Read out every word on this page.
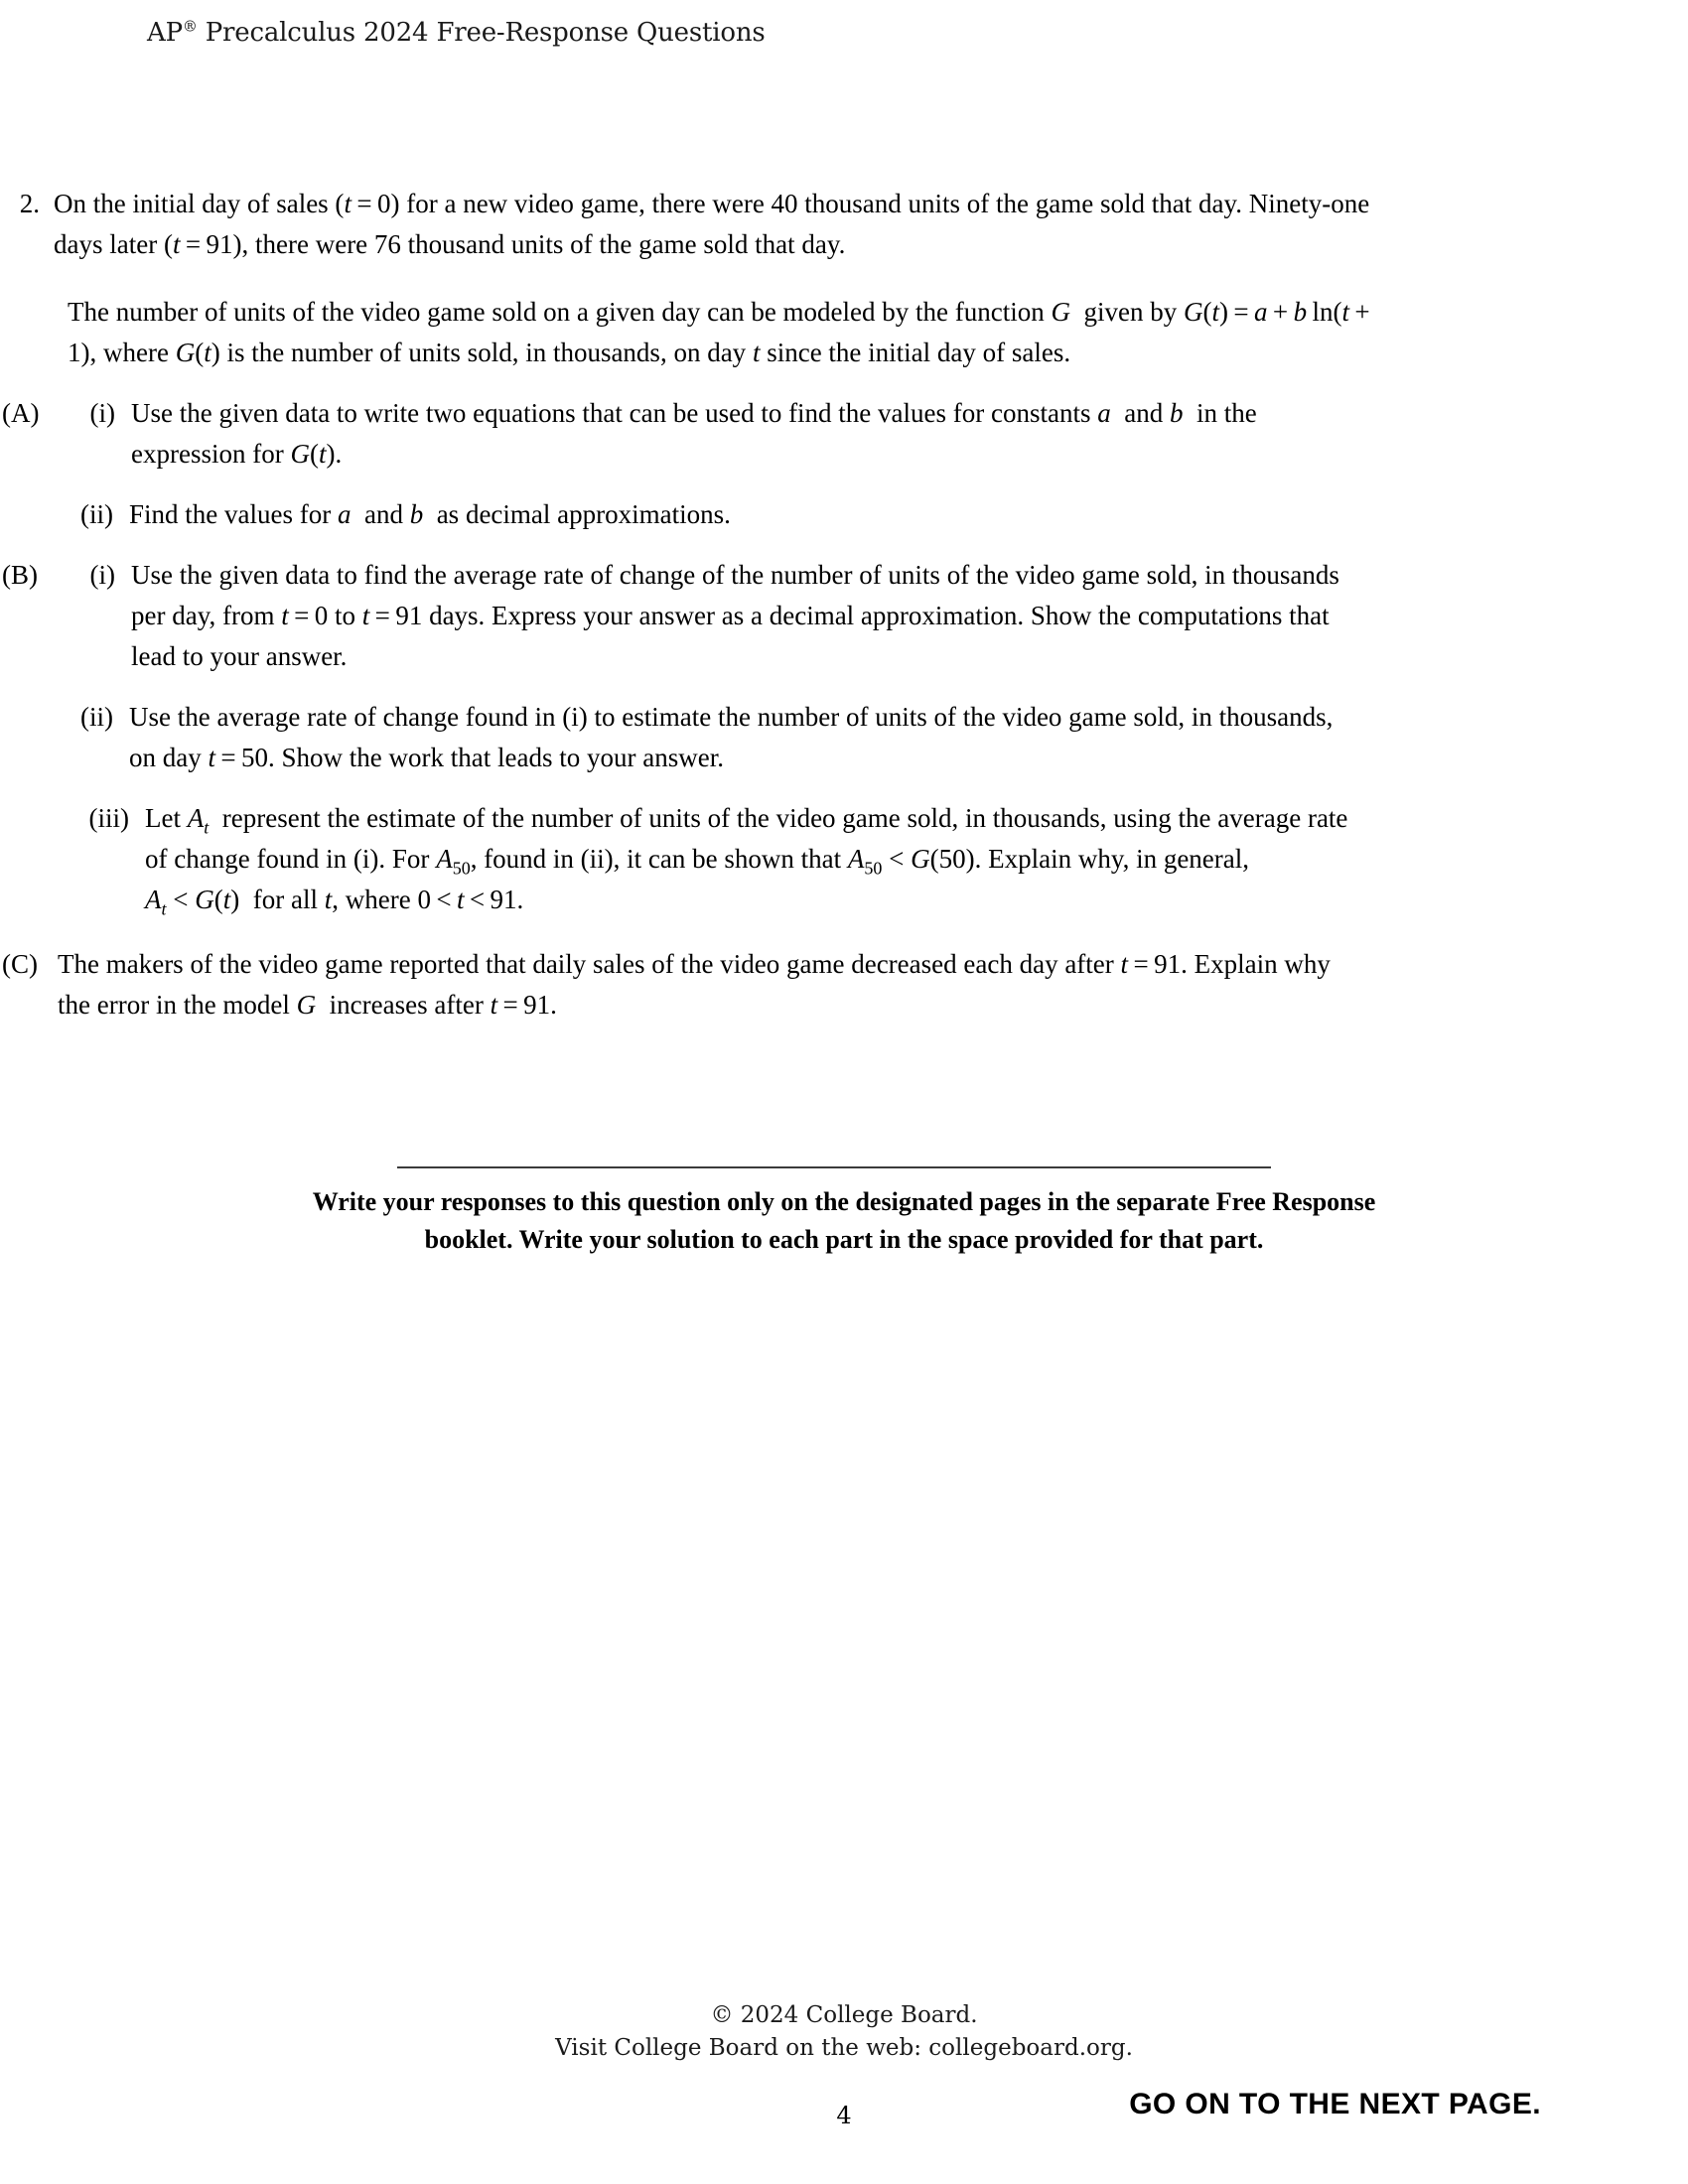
AP® Precalculus 2024 Free-Response Questions
2. On the initial day of sales (t = 0) for a new video game, there were 40 thousand units of the game sold that day. Ninety-one days later (t = 91), there were 76 thousand units of the game sold that day.
The number of units of the video game sold on a given day can be modeled by the function G  given by G(t) = a + b ln(t + 1), where G(t) is the number of units sold, in thousands, on day t since the initial day of sales.
(A)	(i) Use the given data to write two equations that can be used to find the values for constants a  and b  in the expression for G(t).
(ii) Find the values for a  and b  as decimal approximations.
(B)	(i) Use the given data to find the average rate of change of the number of units of the video game sold, in thousands per day, from t = 0 to t = 91 days. Express your answer as a decimal approximation. Show the computations that lead to your answer.
(ii) Use the average rate of change found in (i) to estimate the number of units of the video game sold, in thousands, on day t = 50. Show the work that leads to your answer.
(iii) Let $A_t$  represent the estimate of the number of units of the video game sold, in thousands, using the average rate of change found in (i). For $A_{50}$, found in (ii), it can be shown that $A_{50} < G(50)$. Explain why, in general, $A_t < G(t)$  for all t, where 0 < t < 91.
(C) The makers of the video game reported that daily sales of the video game decreased each day after t = 91. Explain why the error in the model G  increases after t = 91.
Write your responses to this question only on the designated pages in the separate Free Response
booklet. Write your solution to each part in the space provided for that part.
© 2024 College Board.
Visit College Board on the web: collegeboard.org.
4	GO ON TO THE NEXT PAGE.
